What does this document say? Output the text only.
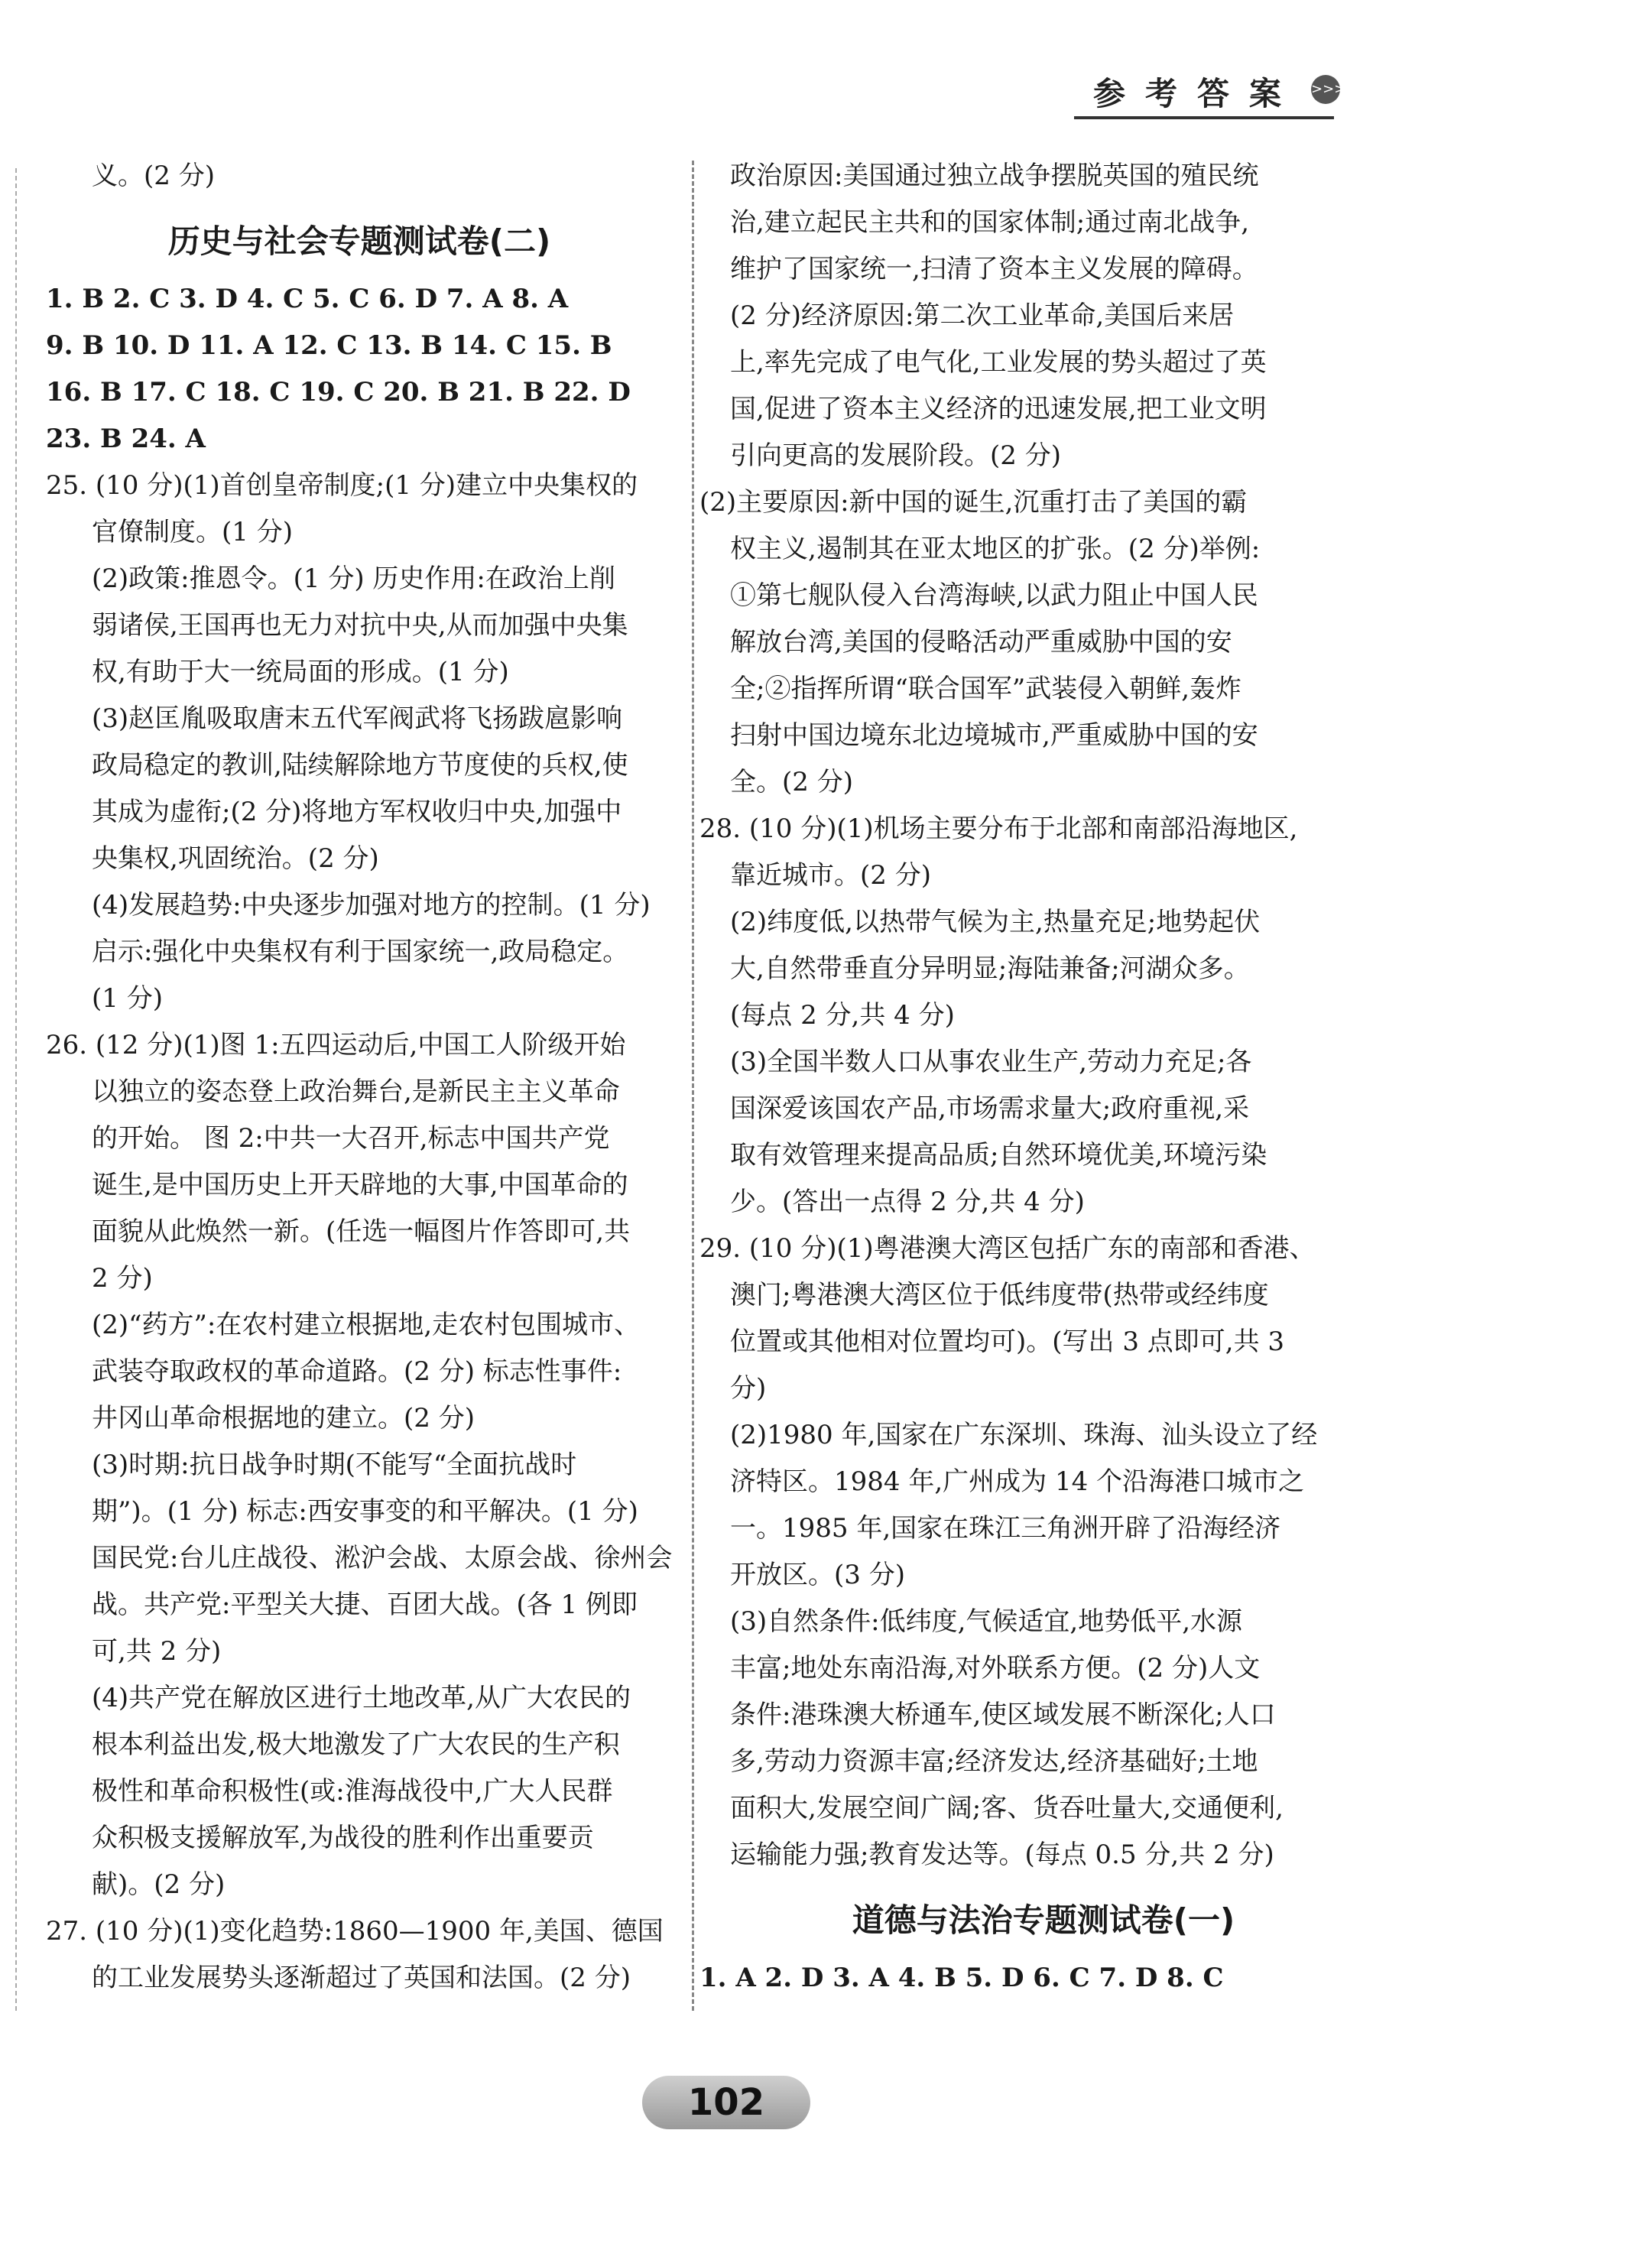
参考答案 >>>
义。(2 分)
历史与社会专题测试卷(二)
1. B 2. C 3. D 4. C 5. C 6. D 7. A 8. A
9. B 10. D 11. A 12. C 13. B 14. C 15. B
16. B 17. C 18. C 19. C 20. B 21. B 22. D
23. B 24. A
25. (10 分)(1)首创皇帝制度;(1 分)建立中央集权的
官僚制度。(1 分)
(2)政策:推恩令。(1 分) 历史作用:在政治上削
弱诸侯,王国再也无力对抗中央,从而加强中央集
权,有助于大一统局面的形成。(1 分)
(3)赵匡胤吸取唐末五代军阀武将飞扬跋扈影响
政局稳定的教训,陆续解除地方节度使的兵权,使
其成为虚衔;(2 分)将地方军权收归中央,加强中
央集权,巩固统治。(2 分)
(4)发展趋势:中央逐步加强对地方的控制。(1 分)
启示:强化中央集权有利于国家统一,政局稳定。
(1 分)
26. (12 分)(1)图 1:五四运动后,中国工人阶级开始
以独立的姿态登上政治舞台,是新民主主义革命
的开始。 图 2:中共一大召开,标志中国共产党
诞生,是中国历史上开天辟地的大事,中国革命的
面貌从此焕然一新。(任选一幅图片作答即可,共
2 分)
(2)“药方”:在农村建立根据地,走农村包围城市、
武装夺取政权的革命道路。(2 分) 标志性事件:
井冈山革命根据地的建立。(2 分)
(3)时期:抗日战争时期(不能写“全面抗战时
期”)。(1 分) 标志:西安事变的和平解决。(1 分)
国民党:台儿庄战役、淞沪会战、太原会战、徐州会
战。共产党:平型关大捷、百团大战。(各 1 例即
可,共 2 分)
(4)共产党在解放区进行土地改革,从广大农民的
根本利益出发,极大地激发了广大农民的生产积
极性和革命积极性(或:淮海战役中,广大人民群
众积极支援解放军,为战役的胜利作出重要贡
献)。(2 分)
27. (10 分)(1)变化趋势:1860—1900 年,美国、德国
的工业发展势头逐渐超过了英国和法国。(2 分)
政治原因:美国通过独立战争摆脱英国的殖民统
治,建立起民主共和的国家体制;通过南北战争,
维护了国家统一,扫清了资本主义发展的障碍。
(2 分)经济原因:第二次工业革命,美国后来居
上,率先完成了电气化,工业发展的势头超过了英
国,促进了资本主义经济的迅速发展,把工业文明
引向更高的发展阶段。(2 分)
(2)主要原因:新中国的诞生,沉重打击了美国的霸
权主义,遏制其在亚太地区的扩张。(2 分)举例:
①第七舰队侵入台湾海峡,以武力阻止中国人民
解放台湾,美国的侵略活动严重威胁中国的安
全;②指挥所谓“联合国军”武装侵入朝鲜,轰炸
扫射中国边境东北边境城市,严重威胁中国的安
全。(2 分)
28. (10 分)(1)机场主要分布于北部和南部沿海地区,
靠近城市。(2 分)
(2)纬度低,以热带气候为主,热量充足;地势起伏
大,自然带垂直分异明显;海陆兼备;河湖众多。
(每点 2 分,共 4 分)
(3)全国半数人口从事农业生产,劳动力充足;各
国深爱该国农产品,市场需求量大;政府重视,采
取有效管理来提高品质;自然环境优美,环境污染
少。(答出一点得 2 分,共 4 分)
29. (10 分)(1)粤港澳大湾区包括广东的南部和香港、
澳门;粤港澳大湾区位于低纬度带(热带或经纬度
位置或其他相对位置均可)。(写出 3 点即可,共 3
分)
(2)1980 年,国家在广东深圳、珠海、汕头设立了经
济特区。1984 年,广州成为 14 个沿海港口城市之
一。1985 年,国家在珠江三角洲开辟了沿海经济
开放区。(3 分)
(3)自然条件:低纬度,气候适宜,地势低平,水源
丰富;地处东南沿海,对外联系方便。(2 分)人文
条件:港珠澳大桥通车,使区域发展不断深化;人口
多,劳动力资源丰富;经济发达,经济基础好;土地
面积大,发展空间广阔;客、货吞吐量大,交通便利,
运输能力强;教育发达等。(每点 0.5 分,共 2 分)
道德与法治专题测试卷(一)
1. A 2. D 3. A 4. B 5. D 6. C 7. D 8. C
102
